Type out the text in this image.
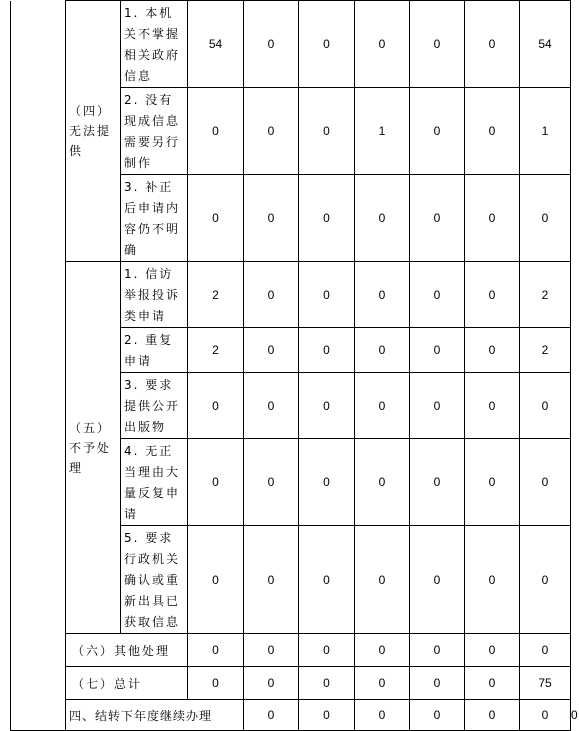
	（四）无法提供	1. 本机关不掌握相关政府信息	54	0	0	0	0	0	54	
		2. 没有现成信息需要另行制作	0	0	0	1	0	0	1	
		3. 补正后申请内容仍不明确	0	0	0	0	0	0	0	
	（五）不予处理	1. 信访举报投诉类申请	2	0	0	0	0	0	2	
		2. 重复申请	2	0	0	0	0	0	2	
		3. 要求提供公开出版物	0	0	0	0	0	0	0	
		4. 无正当理由大量反复申请	0	0	0	0	0	0	0	
		5. 要求行政机关确认或重新出具已获取信息	0	0	0	0	0	0	0	
	（六）其他处理		0	0	0	0	0	0	0	
	（七）总计		0	0	0	0	0	0	75	
	四、结转下年度继续办理			0	0	0	0	0	0	0
